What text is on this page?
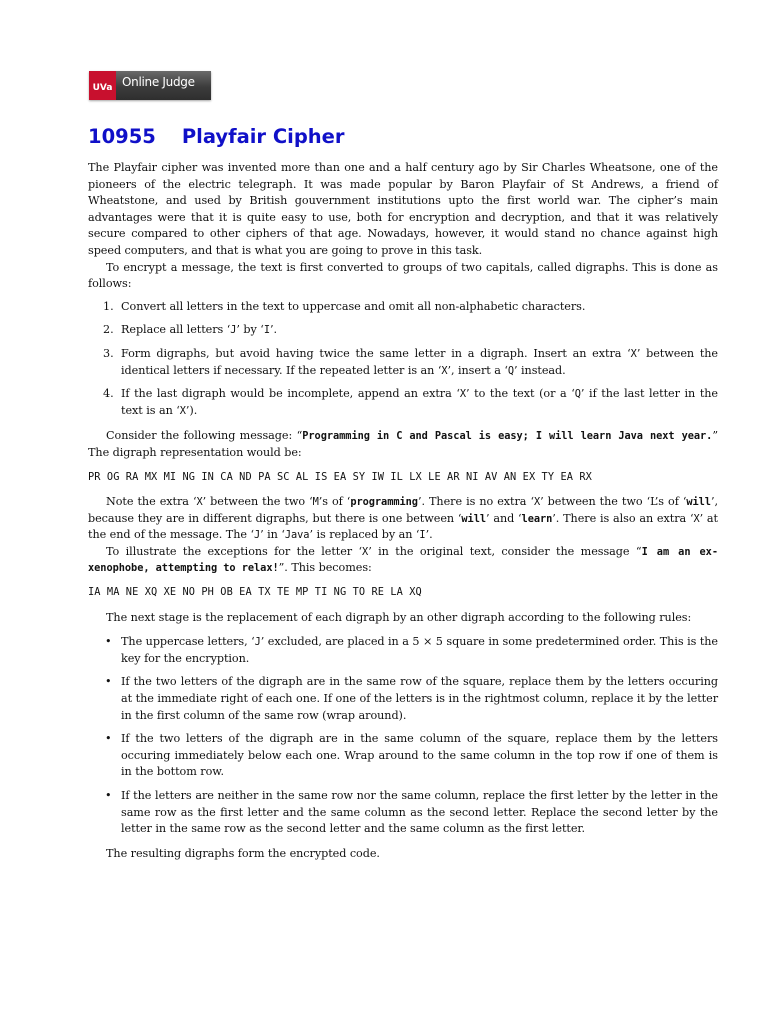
UVa Online Judge
10955 Playfair Cipher

The Playfair cipher was invented more than one and a half century ago by Sir Charles Wheatsone, one of the pioneers of the electric telegraph. It was made popular by Baron Playfair of St Andrews, a friend of Wheatstone, and used by British gouvernment institutions upto the first world war. The cipher’s main advantages were that it is quite easy to use, both for encryption and decryption, and that it was relatively secure compared to other ciphers of that age. Nowadays, however, it would stand no chance against high speed computers, and that is what you are going to prove in this task.

To encrypt a message, the text is first converted to groups of two capitals, called digraphs. This is done as follows:

1. Convert all letters in the text to uppercase and omit all non-alphabetic characters.
2. Replace all letters ‘J’ by ‘I’.
3. Form digraphs, but avoid having twice the same letter in a digraph. Insert an extra ‘X’ between the identical letters if necessary. If the repeated letter is an ‘X’, insert a ‘Q’ instead.
4. If the last digraph would be incomplete, append an extra ‘X’ to the text (or a ‘Q’ if the last letter in the text is an ‘X’).

Consider the following message: “Programming in C and Pascal is easy; I will learn Java next year.” The digraph representation would be:

PR OG RA MX MI NG IN CA ND PA SC AL IS EA SY IW IL LX LE AR NI AV AN EX TY EA RX

Note the extra ‘X’ between the two ‘M’s of ‘programming’. There is no extra ‘X’ between the two ‘L’s of ‘will’, because they are in different digraphs, but there is one between ‘will’ and ‘learn’. There is also an extra ‘X’ at the end of the message. The ‘J’ in ‘Java’ is replaced by an ‘I’.

To illustrate the exceptions for the letter ‘X’ in the original text, consider the message “I am an ex-xenophobe, attempting to relax!”. This becomes:

IA MA NE XQ XE NO PH OB EA TX TE MP TI NG TO RE LA XQ

The next stage is the replacement of each digraph by an other digraph according to the following rules:

• The uppercase letters, ‘J’ excluded, are placed in a 5 × 5 square in some predetermined order. This is the key for the encryption.
• If the two letters of the digraph are in the same row of the square, replace them by the letters occuring at the immediate right of each one. If one of the letters is in the rightmost column, replace it by the letter in the first column of the same row (wrap around).
• If the two letters of the digraph are in the same column of the square, replace them by the letters occuring immediately below each one. Wrap around to the same column in the top row if one of them is in the bottom row.
• If the letters are neither in the same row nor the same column, replace the first letter by the letter in the same row as the first letter and the same column as the second letter. Replace the second letter by the letter in the same row as the second letter and the same column as the first letter.

The resulting digraphs form the encrypted code.
